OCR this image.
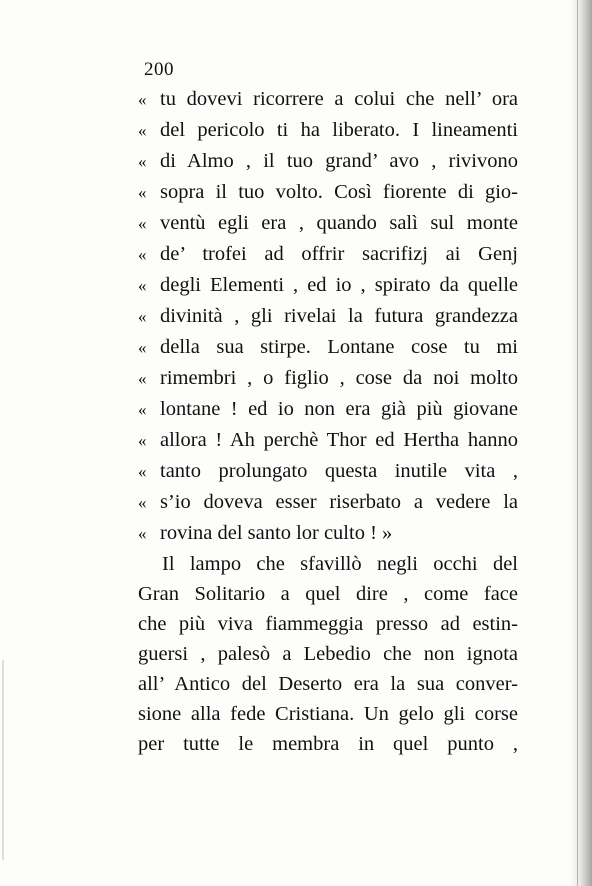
200
« tu dovevi ricorrere a colui che nell’ ora
« del pericolo ti ha liberato. I lineamenti
« di Almo , il tuo grand’ avo , rivivono
« sopra il tuo volto. Così fiorente di gio-
« ventù egli era , quando salì sul monte
« de’ trofei ad offrir sacrifizj ai Genj
« degli Elementi , ed io , spirato da quelle
« divinità , gli rivelai la futura grandezza
« della sua stirpe. Lontane cose tu mi
« rimembri , o figlio , cose da noi molto
« lontane ! ed io non era già più giovane
« allora ! Ah perchè Thor ed Hertha hanno
« tanto prolungato questa inutile vita ,
« s’io doveva esser riserbato a vedere la
« rovina del santo lor culto ! »
Il lampo che sfavillò negli occhi del
Gran Solitario a quel dire , come face
che più viva fiammeggia presso ad estin-
guersi , palesò a Lebedio che non ignota
all’ Antico del Deserto era la sua conver-
sione alla fede Cristiana. Un gelo gli corse
per tutte le membra in quel punto ,
